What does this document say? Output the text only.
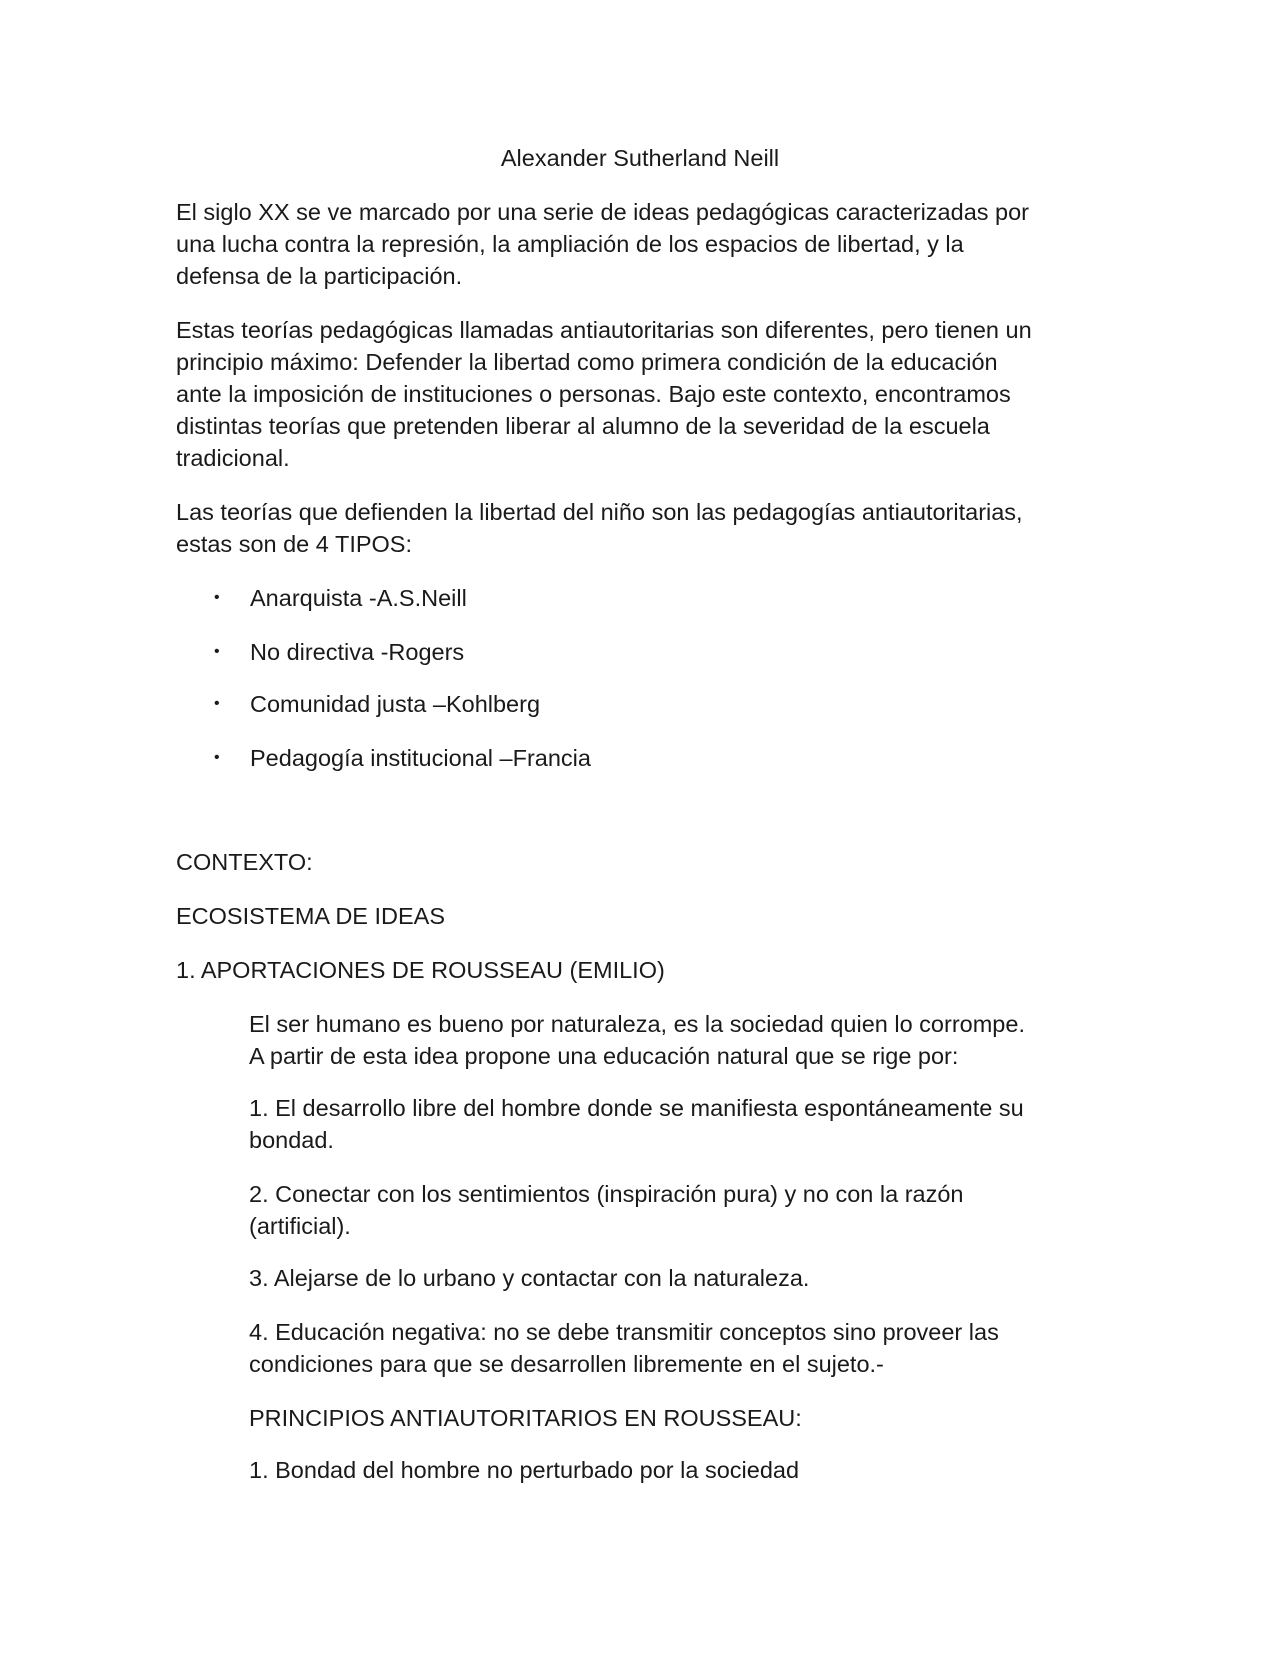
Alexander Sutherland Neill

El siglo XX se ve marcado por una serie de ideas pedagógicas caracterizadas por

una lucha contra la represión, la ampliación de los espacios de libertad, y la

defensa de la participación.

Estas teorías pedagógicas llamadas antiautoritarias son diferentes, pero tienen un

principio máximo: Defender la libertad como primera condición de la educación

ante la imposición de instituciones o personas. Bajo este contexto, encontramos

distintas teorías que pretenden liberar al alumno de la severidad de la escuela

tradicional.

Las teorías que defienden la libertad del niño son las pedagogías antiautoritarias,

estas son de 4 TIPOS:

• Anarquista -A.S.Neill

• No directiva -Rogers

• Comunidad justa –Kohlberg

• Pedagogía institucional –Francia

CONTEXTO:

ECOSISTEMA DE IDEAS

1. APORTACIONES DE ROUSSEAU (EMILIO)

El ser humano es bueno por naturaleza, es la sociedad quien lo corrompe.

A partir de esta idea propone una educación natural que se rige por:

1. El desarrollo libre del hombre donde se manifiesta espontáneamente su

bondad.

2. Conectar con los sentimientos (inspiración pura) y no con la razón

(artificial).

3. Alejarse de lo urbano y contactar con la naturaleza.

4. Educación negativa: no se debe transmitir conceptos sino proveer las

condiciones para que se desarrollen libremente en el sujeto.-

PRINCIPIOS ANTIAUTORITARIOS EN ROUSSEAU:

1. Bondad del hombre no perturbado por la sociedad
